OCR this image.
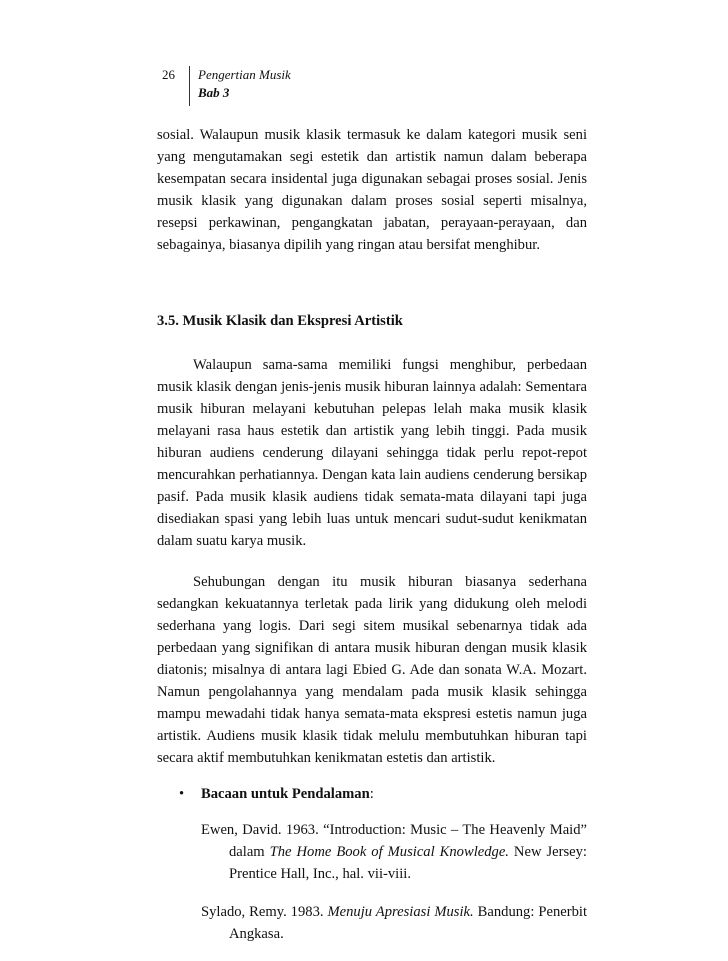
26 Pengertian Musik
Bab 3

sosial. Walaupun musik klasik termasuk ke dalam kategori musik seni yang mengutamakan segi estetik dan artistik namun dalam beberapa kesempatan secara insidental juga digunakan sebagai proses sosial. Jenis musik klasik yang digunakan dalam proses sosial seperti misalnya, resepsi perkawinan, pengangkatan jabatan, perayaan-perayaan, dan sebagainya, biasanya dipilih yang ringan atau bersifat menghibur.

3.5. Musik Klasik dan Ekspresi Artistik

Walaupun sama-sama memiliki fungsi menghibur, perbedaan musik klasik dengan jenis-jenis musik hiburan lainnya adalah: Sementara musik hiburan melayani kebutuhan pelepas lelah maka musik klasik melayani rasa haus estetik dan artistik yang lebih tinggi. Pada musik hiburan audiens cenderung dilayani sehingga tidak perlu repot-repot mencurahkan perhatiannya. Dengan kata lain audiens cenderung bersikap pasif. Pada musik klasik audiens tidak semata-mata dilayani tapi juga disediakan spasi yang lebih luas untuk mencari sudut-sudut kenikmatan dalam suatu karya musik.

Sehubungan dengan itu musik hiburan biasanya sederhana sedangkan kekuatannya terletak pada lirik yang didukung oleh melodi sederhana yang logis. Dari segi sitem musikal sebenarnya tidak ada perbedaan yang signifikan di antara musik hiburan dengan musik klasik diatonis; misalnya di antara lagi Ebied G. Ade dan sonata W.A. Mozart. Namun pengolahannya yang mendalam pada musik klasik sehingga mampu mewadahi tidak hanya semata-mata ekspresi estetis namun juga artistik. Audiens musik klasik tidak melulu membutuhkan hiburan tapi secara aktif membutuhkan kenikmatan estetis dan artistik.

• Bacaan untuk Pendalaman:
Ewen, David. 1963. “Introduction: Music – The Heavenly Maid” dalam The Home Book of Musical Knowledge. New Jersey: Prentice Hall, Inc., hal. vii-viii.
Sylado, Remy. 1983. Menuju Apresiasi Musik. Bandung: Penerbit Angkasa.
